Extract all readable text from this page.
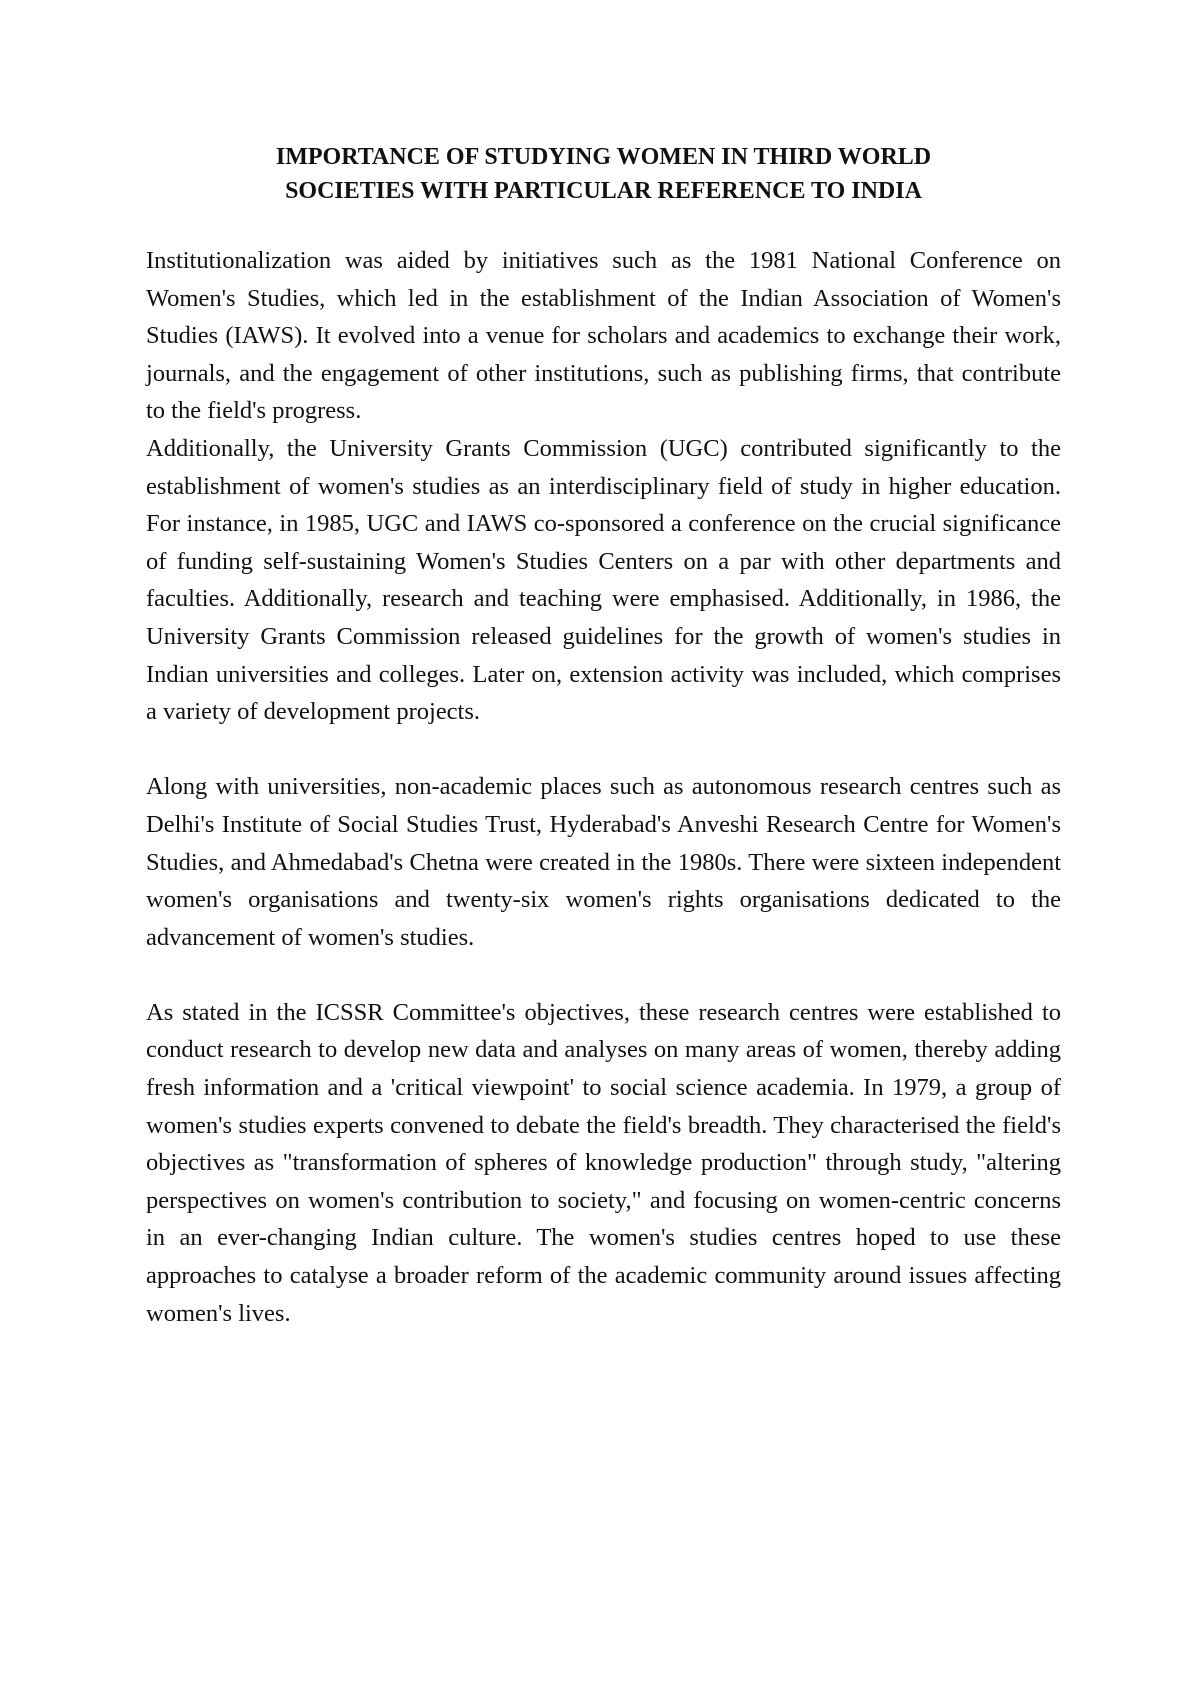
IMPORTANCE OF STUDYING WOMEN IN THIRD WORLD
SOCIETIES WITH PARTICULAR REFERENCE TO INDIA

Institutionalization was aided by initiatives such as the 1981 National Conference on Women's Studies, which led in the establishment of the Indian Association of Women's Studies (IAWS). It evolved into a venue for scholars and academics to exchange their work, journals, and the engagement of other institutions, such as publishing firms, that contribute to the field's progress.

Additionally, the University Grants Commission (UGC) contributed significantly to the establishment of women's studies as an interdisciplinary field of study in higher education. For instance, in 1985, UGC and IAWS co-sponsored a conference on the crucial significance of funding self-sustaining Women's Studies Centers on a par with other departments and faculties. Additionally, research and teaching were emphasised. Additionally, in 1986, the University Grants Commission released guidelines for the growth of women's studies in Indian universities and colleges. Later on, extension activity was included, which comprises a variety of development projects.

Along with universities, non-academic places such as autonomous research centres such as Delhi's Institute of Social Studies Trust, Hyderabad's Anveshi Research Centre for Women's Studies, and Ahmedabad's Chetna were created in the 1980s. There were sixteen independent women's organisations and twenty-six women's rights organisations dedicated to the advancement of women's studies.

As stated in the ICSSR Committee's objectives, these research centres were established to conduct research to develop new data and analyses on many areas of women, thereby adding fresh information and a 'critical viewpoint' to social science academia. In 1979, a group of women's studies experts convened to debate the field's breadth. They characterised the field's objectives as "transformation of spheres of knowledge production" through study, "altering perspectives on women's contribution to society," and focusing on women-centric concerns in an ever-changing Indian culture. The women's studies centres hoped to use these approaches to catalyse a broader reform of the academic community around issues affecting women's lives.
